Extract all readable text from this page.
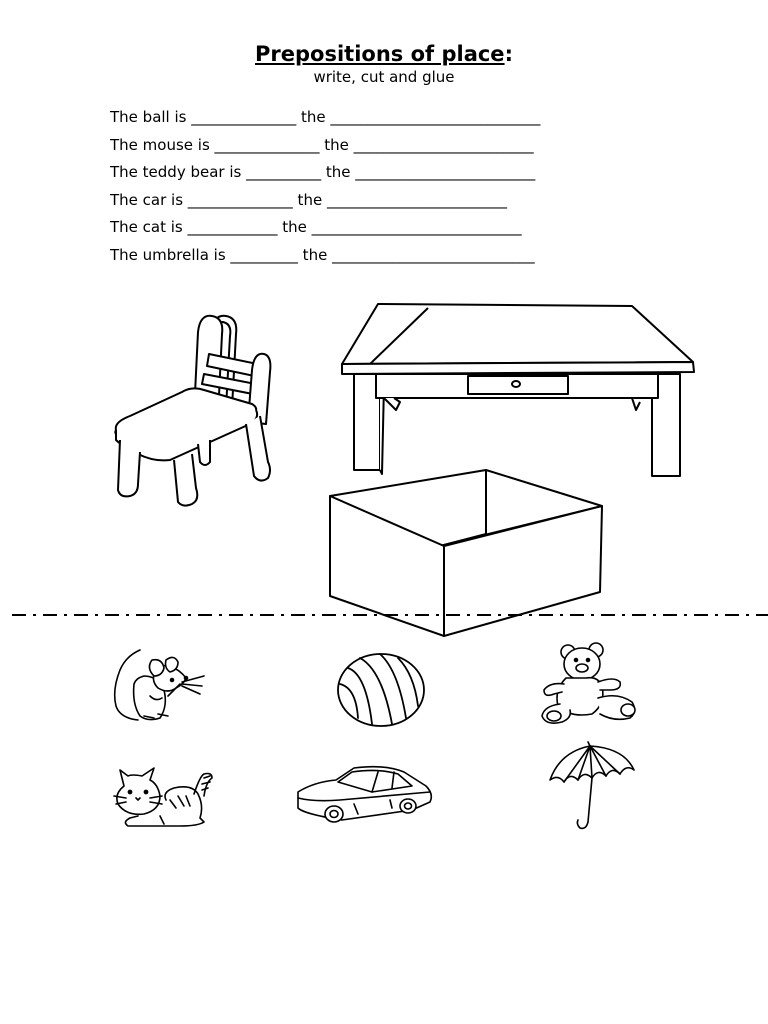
Prepositions of place:
write, cut and glue
The ball is ______________ the ____________________________
The mouse is ______________ the ________________________
The teddy bear is __________ the ________________________
The car is ______________ the ________________________
The cat is ____________ the ____________________________
The umbrella is _________ the ___________________________
